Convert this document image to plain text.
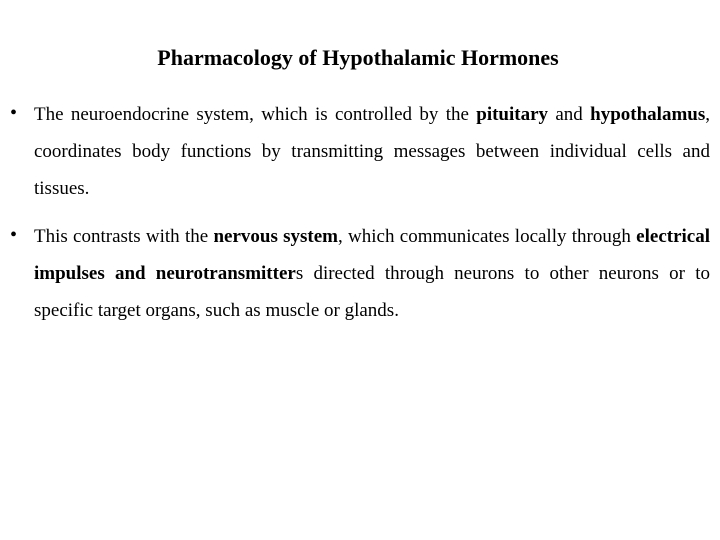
Pharmacology of Hypothalamic Hormones
• The neuroendocrine system, which is controlled by the pituitary and hypothalamus, coordinates body functions by transmitting messages between individual cells and tissues.
• This contrasts with the nervous system, which communicates locally through electrical impulses and neurotransmitters directed through neurons to other neurons or to specific target organs, such as muscle or glands.
